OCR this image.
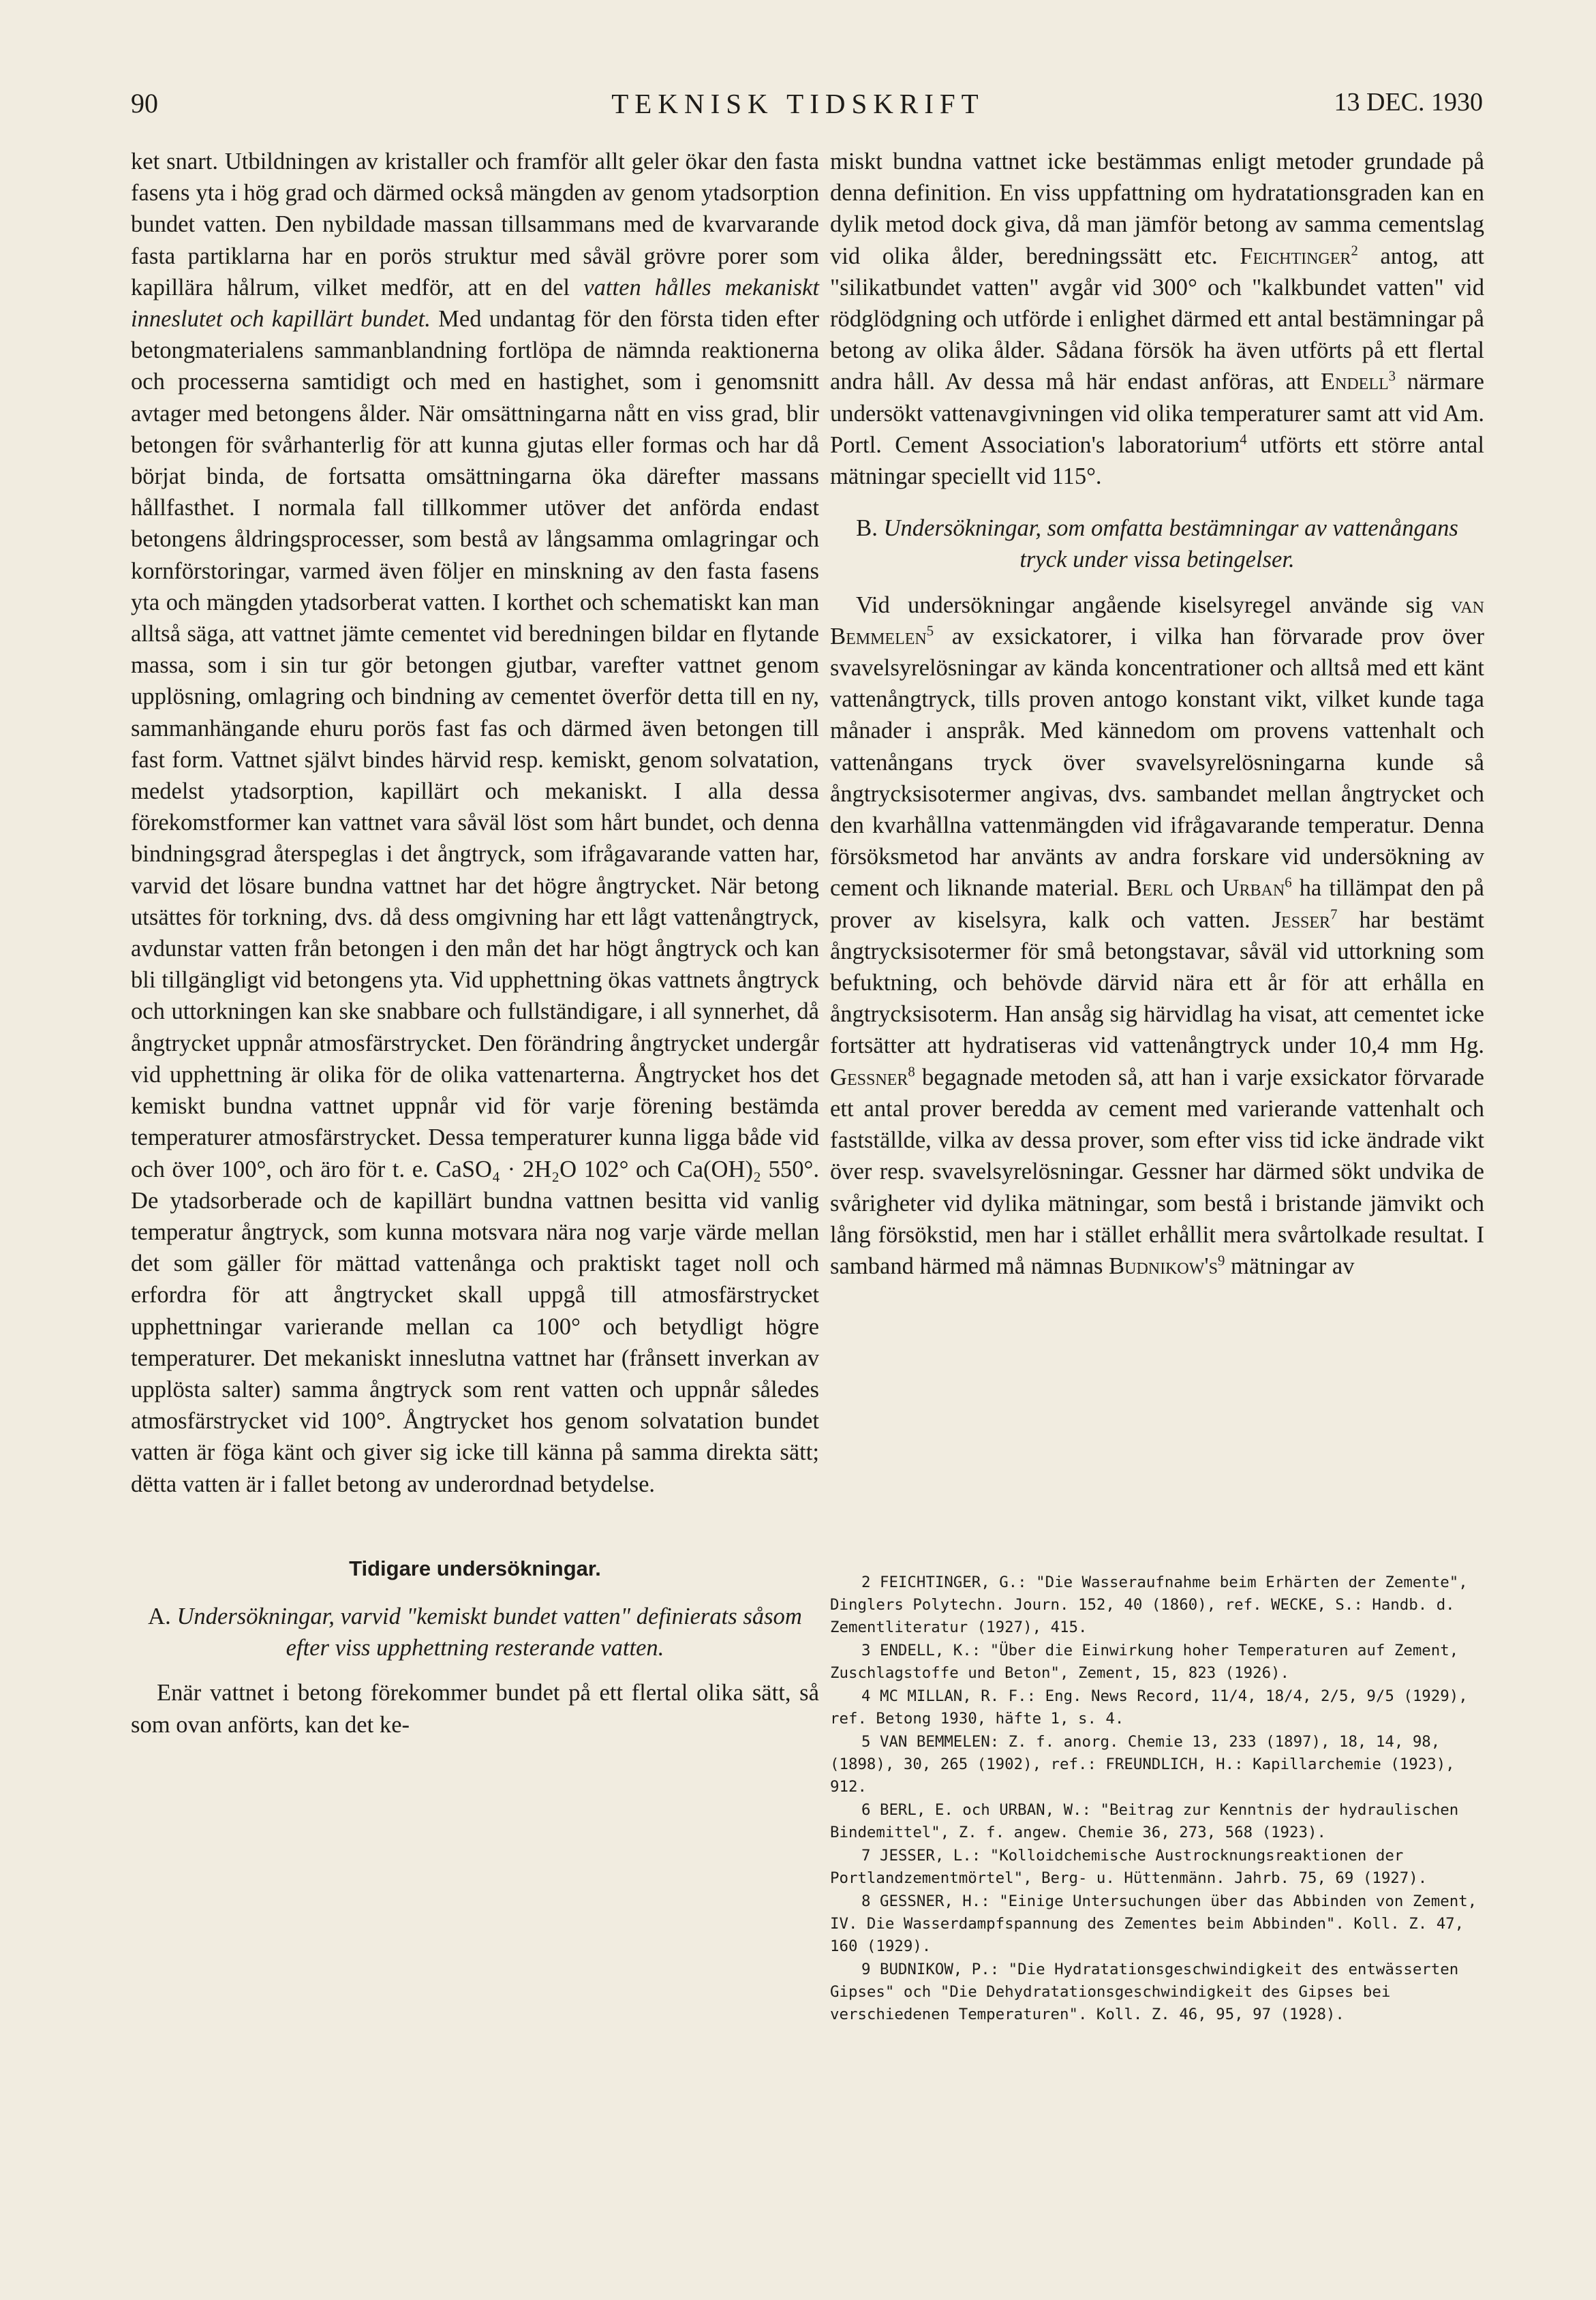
90	TEKNISK TIDSKRIFT	13 DEC. 1930

ket snart. Utbildningen av kristaller och framför allt geler ökar den fasta fasens yta i hög grad och därmed också mängden av genom ytadsorption bundet vatten. Den nybildade massan tillsammans med de kvarvarande fasta partiklarna har en porös struktur med såväl grövre porer som kapillära hålrum, vilket medför, att en del vatten hålles mekaniskt inneslutet och kapillärt bundet. Med undantag för den första tiden efter betongmaterialens sammanblandning fortlöpa de nämnda reaktionerna och processerna samtidigt och med en hastighet, som i genomsnitt avtager med betongens ålder. När omsättningarna nått en viss grad, blir betongen för svårhanterlig för att kunna gjutas eller formas och har då börjat binda, de fortsatta omsättningarna öka därefter massans hållfasthet. I normala fall tillkommer utöver det anförda endast betongens åldringsprocesser, som bestå av långsamma omlagringar och kornförstoringar, varmed även följer en minskning av den fasta fasens yta och mängden ytadsorberat vatten. I korthet och schematiskt kan man alltså säga, att vattnet jämte cementet vid beredningen bildar en flytande massa, som i sin tur gör betongen gjutbar, varefter vattnet genom upplösning, omlagring och bindning av cementet överför detta till en ny, sammanhängande ehuru porös fast fas och därmed även betongen till fast form. Vattnet självt bindes härvid resp. kemiskt, genom solvatation, medelst ytadsorption, kapillärt och mekaniskt. I alla dessa förekomstformer kan vattnet vara såväl löst som hårt bundet, och denna bindningsgrad återspeglas i det ångtryck, som ifrågavarande vatten har, varvid det lösare bundna vattnet har det högre ångtrycket. När betong utsättes för torkning, dvs. då dess omgivning har ett lågt vattenångtryck, avdunstar vatten från betongen i den mån det har högt ångtryck och kan bli tillgängligt vid betongens yta. Vid upphettning ökas vattnets ångtryck och uttorkningen kan ske snabbare och fullständigare, i all synnerhet, då ångtrycket uppnår atmosfärstrycket. Den förändring ångtrycket undergår vid upphettning är olika för de olika vattenarterna. Ångtrycket hos det kemiskt bundna vattnet uppnår vid för varje förening bestämda temperaturer atmosfärstrycket. Dessa temperaturer kunna ligga både vid och över 100°, och äro för t. e. CaSO₄ · 2H₂O 102° och Ca(OH)₂ 550°. De ytadsorberade och de kapillärt bundna vattnen besitta vid vanlig temperatur ångtryck, som kunna motsvara nära nog varje värde mellan det som gäller för mättad vattenånga och praktiskt taget noll och erfordra för att ångtrycket skall uppgå till atmosfärstrycket upphettningar varierande mellan ca 100° och betydligt högre temperaturer. Det mekaniskt inneslutna vattnet har (frånsett inverkan av upplösta salter) samma ångtryck som rent vatten och uppnår således atmosfärstrycket vid 100°. Ångtrycket hos genom solvatation bundet vatten är föga känt och giver sig icke till känna på samma direkta sätt; dëtta vatten är i fallet betong av underordnad betydelse.

Tidigare undersökningar.
A. Undersökningar, varvid "kemiskt bundet vatten" definierats såsom efter viss upphettning resterande vatten.

Enär vattnet i betong förekommer bundet på ett flertal olika sätt, så som ovan anförts, kan det ke-

miskt bundna vattnet icke bestämmas enligt metoder grundade på denna definition. En viss uppfattning om hydratationsgraden kan en dylik metod dock giva, då man jämför betong av samma cementslag vid olika ålder, beredningssätt etc. Feichtinger$^2$ antog, att "silikatbundet vatten" avgår vid 300° och "kalkbundet vatten" vid rödglödgning och utförde i enlighet därmed ett antal bestämningar på betong av olika ålder. Sådana försök ha även utförts på ett flertal andra håll. Av dessa må här endast anföras, att Endell$^3$ närmare undersökt vattenavgivningen vid olika temperaturer samt att vid Am. Portl. Cement Association's laboratorium$^4$ utförts ett större antal mätningar speciellt vid 115°.

B. Undersökningar, som omfatta bestämningar av vattenångans tryck under vissa betingelser.

Vid undersökningar angående kiselsyregel använde sig van Bemmelen$^5$ av exsickatorer, i vilka han förvarade prov över svavelsyrelösningar av kända koncentrationer och alltså med ett känt vattenångtryck, tills proven antogo konstant vikt, vilket kunde taga månader i anspråk. Med kännedom om provens vattenhalt och vattenångans tryck över svavelsyrelösningarna kunde så ångtrycksisotermer angivas, dvs. sambandet mellan ångtrycket och den kvarhållna vattenmängden vid ifrågavarande temperatur. Denna försöksmetod har använts av andra forskare vid undersökning av cement och liknande material. Berl och Urban$^6$ ha tillämpat den på prover av kiselsyra, kalk och vatten. Jesser$^7$ har bestämt ångtrycksisotermer för små betongstavar, såväl vid uttorkning som befuktning, och behövde därvid nära ett år för att erhålla en ångtrycksisoterm. Han ansåg sig härvidlag ha visat, att cementet icke fortsätter att hydratiseras vid vattenångtryck under 10,4 mm Hg. Gessner$^8$ begagnade metoden så, att han i varje exsickator förvarade ett antal prover beredda av cement med varierande vattenhalt och fastställde, vilka av dessa prover, som efter viss tid icke ändrade vikt över resp. svavelsyrelösningar. Gessner har därmed sökt undvika de svårigheter vid dylika mätningar, som bestå i bristande jämvikt och lång försökstid, men har i stället erhållit mera svårtolkade resultat. I samband härmed må nämnas $Budnikow's^9$ mätningar av

2 FEICHTINGER, G.: "Die Wasseraufnahme beim Erhärten der Zemente", Dinglers Polytechn. Journ. 152, 40 (1860), ref. WECKE, S.: Handb. d. Zementliteratur (1927), 415.
3 ENDELL, K.: "Über die Einwirkung hoher Temperaturen auf Zement, Zuschlagstoffe und Beton", Zement, 15, 823 (1926).
4 MC MILLAN, R. F.: Eng. News Record, 11/4, 18/4, 2/5, 9/5 (1929), ref. Betong 1930, häfte 1, s. 4.
5 VAN BEMMELEN: Z. f. anorg. Chemie 13, 233 (1897), 18, 14, 98, (1898), 30, 265 (1902), ref.: FREUNDLICH, H.: Kapillarchemie (1923), 912.
6 BERL, E. och URBAN, W.: "Beitrag zur Kenntnis der hydraulischen Bindemittel", Z. f. angew. Chemie 36, 273, 568 (1923).
7 JESSER, L.: "Kolloidchemische Austrocknungsreaktionen der Portlandzementmörtel", Berg- u. Hüttenmänn. Jahrb. 75, 69 (1927).
8 GESSNER, H.: "Einige Untersuchungen über das Abbinden von Zement, IV. Die Wasserdampfspannung des Zementes beim Abbinden". Koll. Z. 47, 160 (1929).
9 BUDNIKOW, P.: "Die Hydratationsgeschwindigkeit des entwässerten Gipses" och "Die Dehydratationsgeschwindigkeit des Gipses bei verschiedenen Temperaturen". Koll. Z. 46, 95, 97 (1928).
